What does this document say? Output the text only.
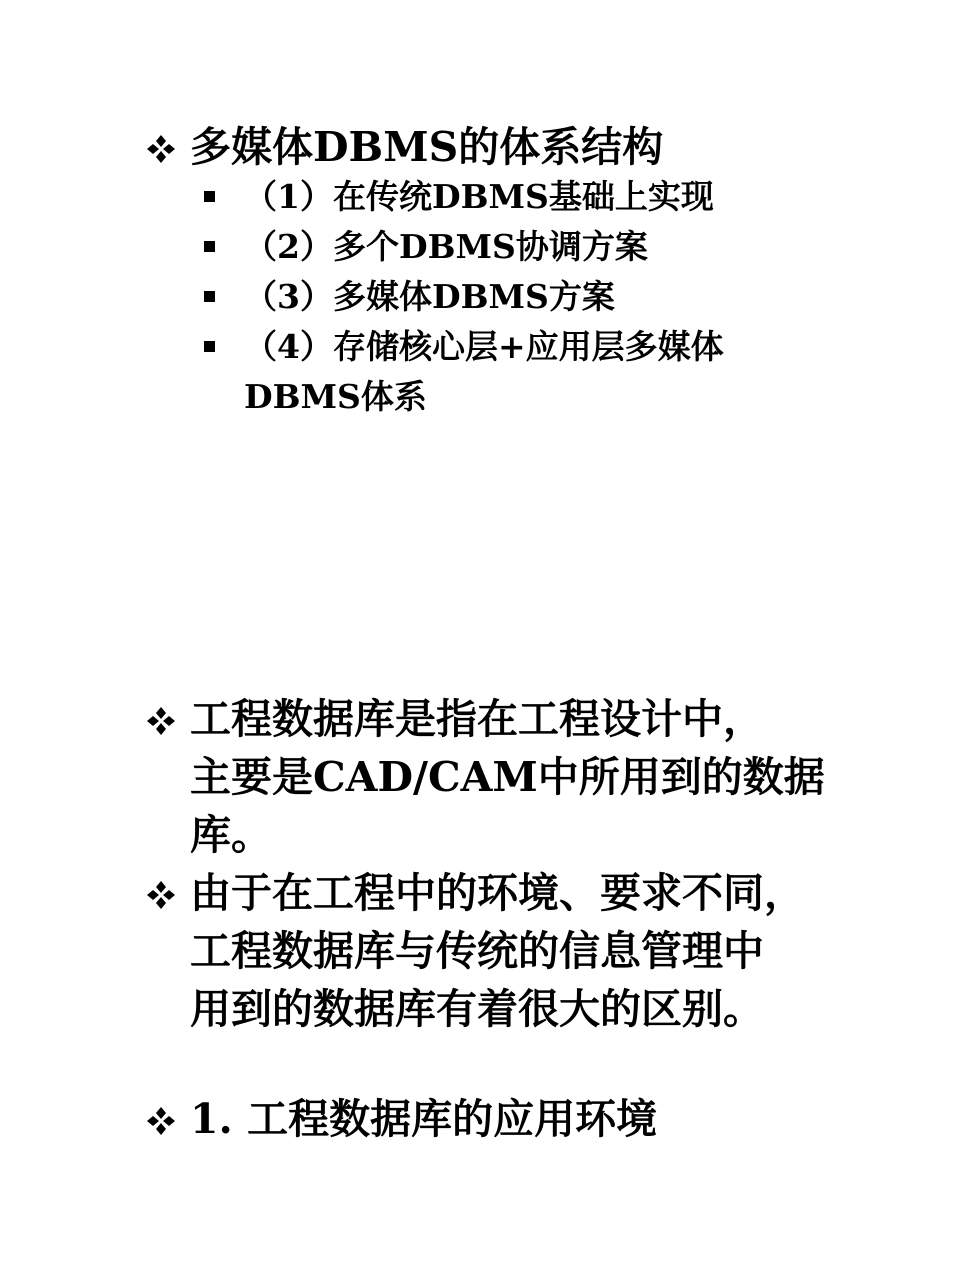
多媒体DBMS的体系结构
（1）在传统DBMS基础上实现
（2）多个DBMS协调方案
（3）多媒体DBMS方案
（4）存储核心层+应用层多媒体
DBMS体系
工程数据库是指在工程设计中，
主要是CAD/CAM中所用到的数据
库。
由于在工程中的环境、要求不同，
工程数据库与传统的信息管理中
用到的数据库有着很大的区别。
1. 工程数据库的应用环境
